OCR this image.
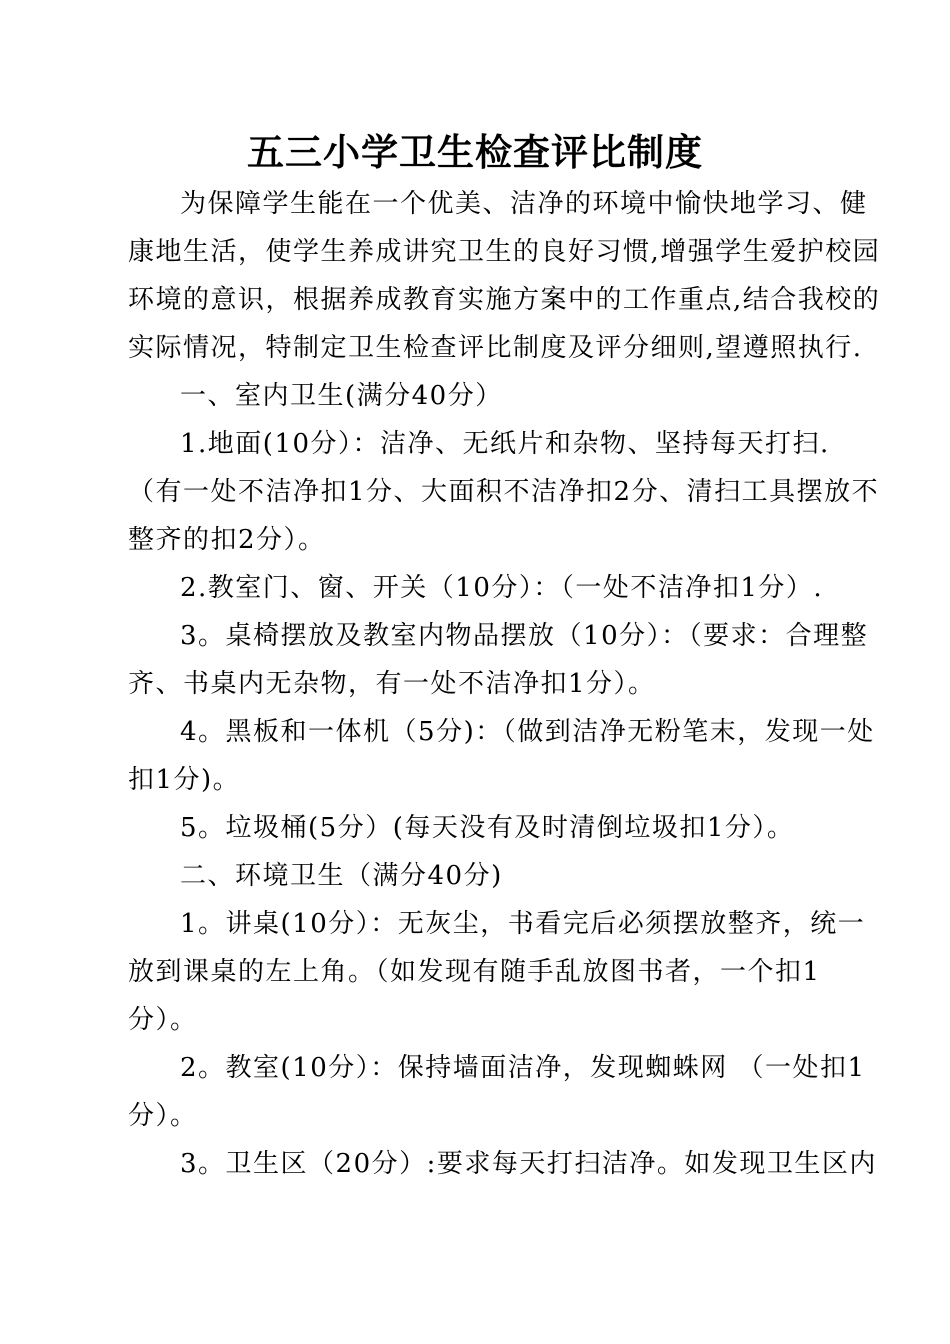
五三小学卫生检查评比制度
为保障学生能在一个优美、洁净的环境中愉快地学习、健
康地生活，使学生养成讲究卫生的良好习惯,增强学生爱护校园
环境的意识，根据养成教育实施方案中的工作重点,结合我校的
实际情况，特制定卫生检查评比制度及评分细则,望遵照执行.
一、室内卫生(满分40分）
1.地面(10分）：洁净、无纸片和杂物、坚持每天打扫.
（有一处不洁净扣1分、大面积不洁净扣2分、清扫工具摆放不
整齐的扣2分）。
2.教室门、窗、开关（10分）：（一处不洁净扣1分）.
3。桌椅摆放及教室内物品摆放（10分）：（要求：合理整
齐、书桌内无杂物，有一处不洁净扣1分）。
4。黑板和一体机（5分)：（做到洁净无粉笔末，发现一处
扣1分)。
5。垃圾桶(5分）(每天没有及时清倒垃圾扣1分）。
二、环境卫生（满分40分)
1。讲桌(10分）：无灰尘，书看完后必须摆放整齐，统一
放到课桌的左上角。（如发现有随手乱放图书者，一个扣1
分）。
2。教室(10分）：保持墙面洁净，发现蜘蛛网 （一处扣1
分）。
3。卫生区（20分）:要求每天打扫洁净。如发现卫生区内
